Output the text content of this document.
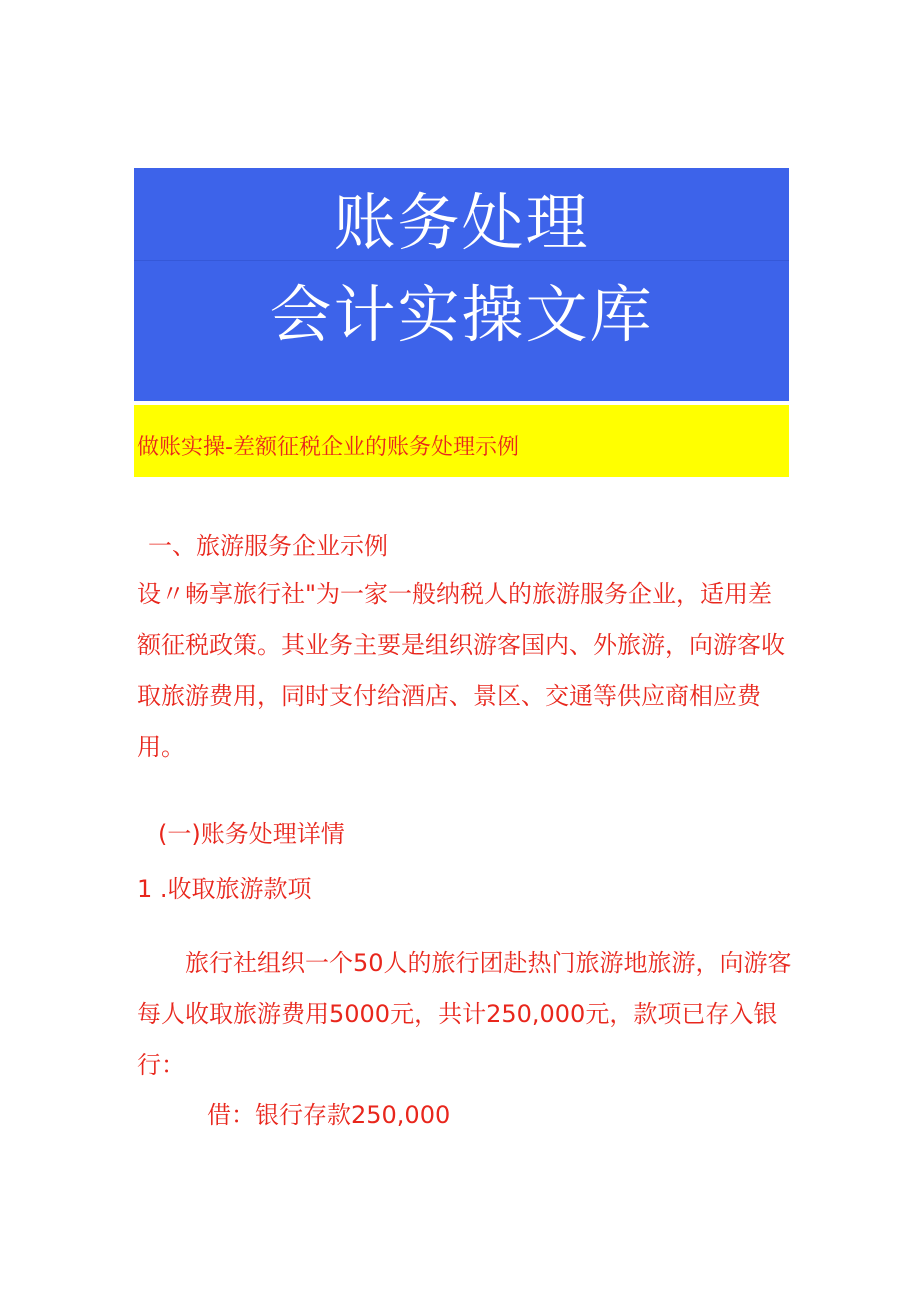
账务处理
会计实操文库
做账实操-差额征税企业的账务处理示例
一、旅游服务企业示例
设〃畅享旅行社"为一家一般纳税人的旅游服务企业，适用差额征税政策。其业务主要是组织游客国内、外旅游，向游客收取旅游费用，同时支付给酒店、景区、交通等供应商相应费用。
(一)账务处理详情
1 .收取旅游款项
旅行社组织一个50人的旅行团赴热门旅游地旅游，向游客每人收取旅游费用5000元，共计250,000元，款项已存入银行：
借：银行存款250,000
